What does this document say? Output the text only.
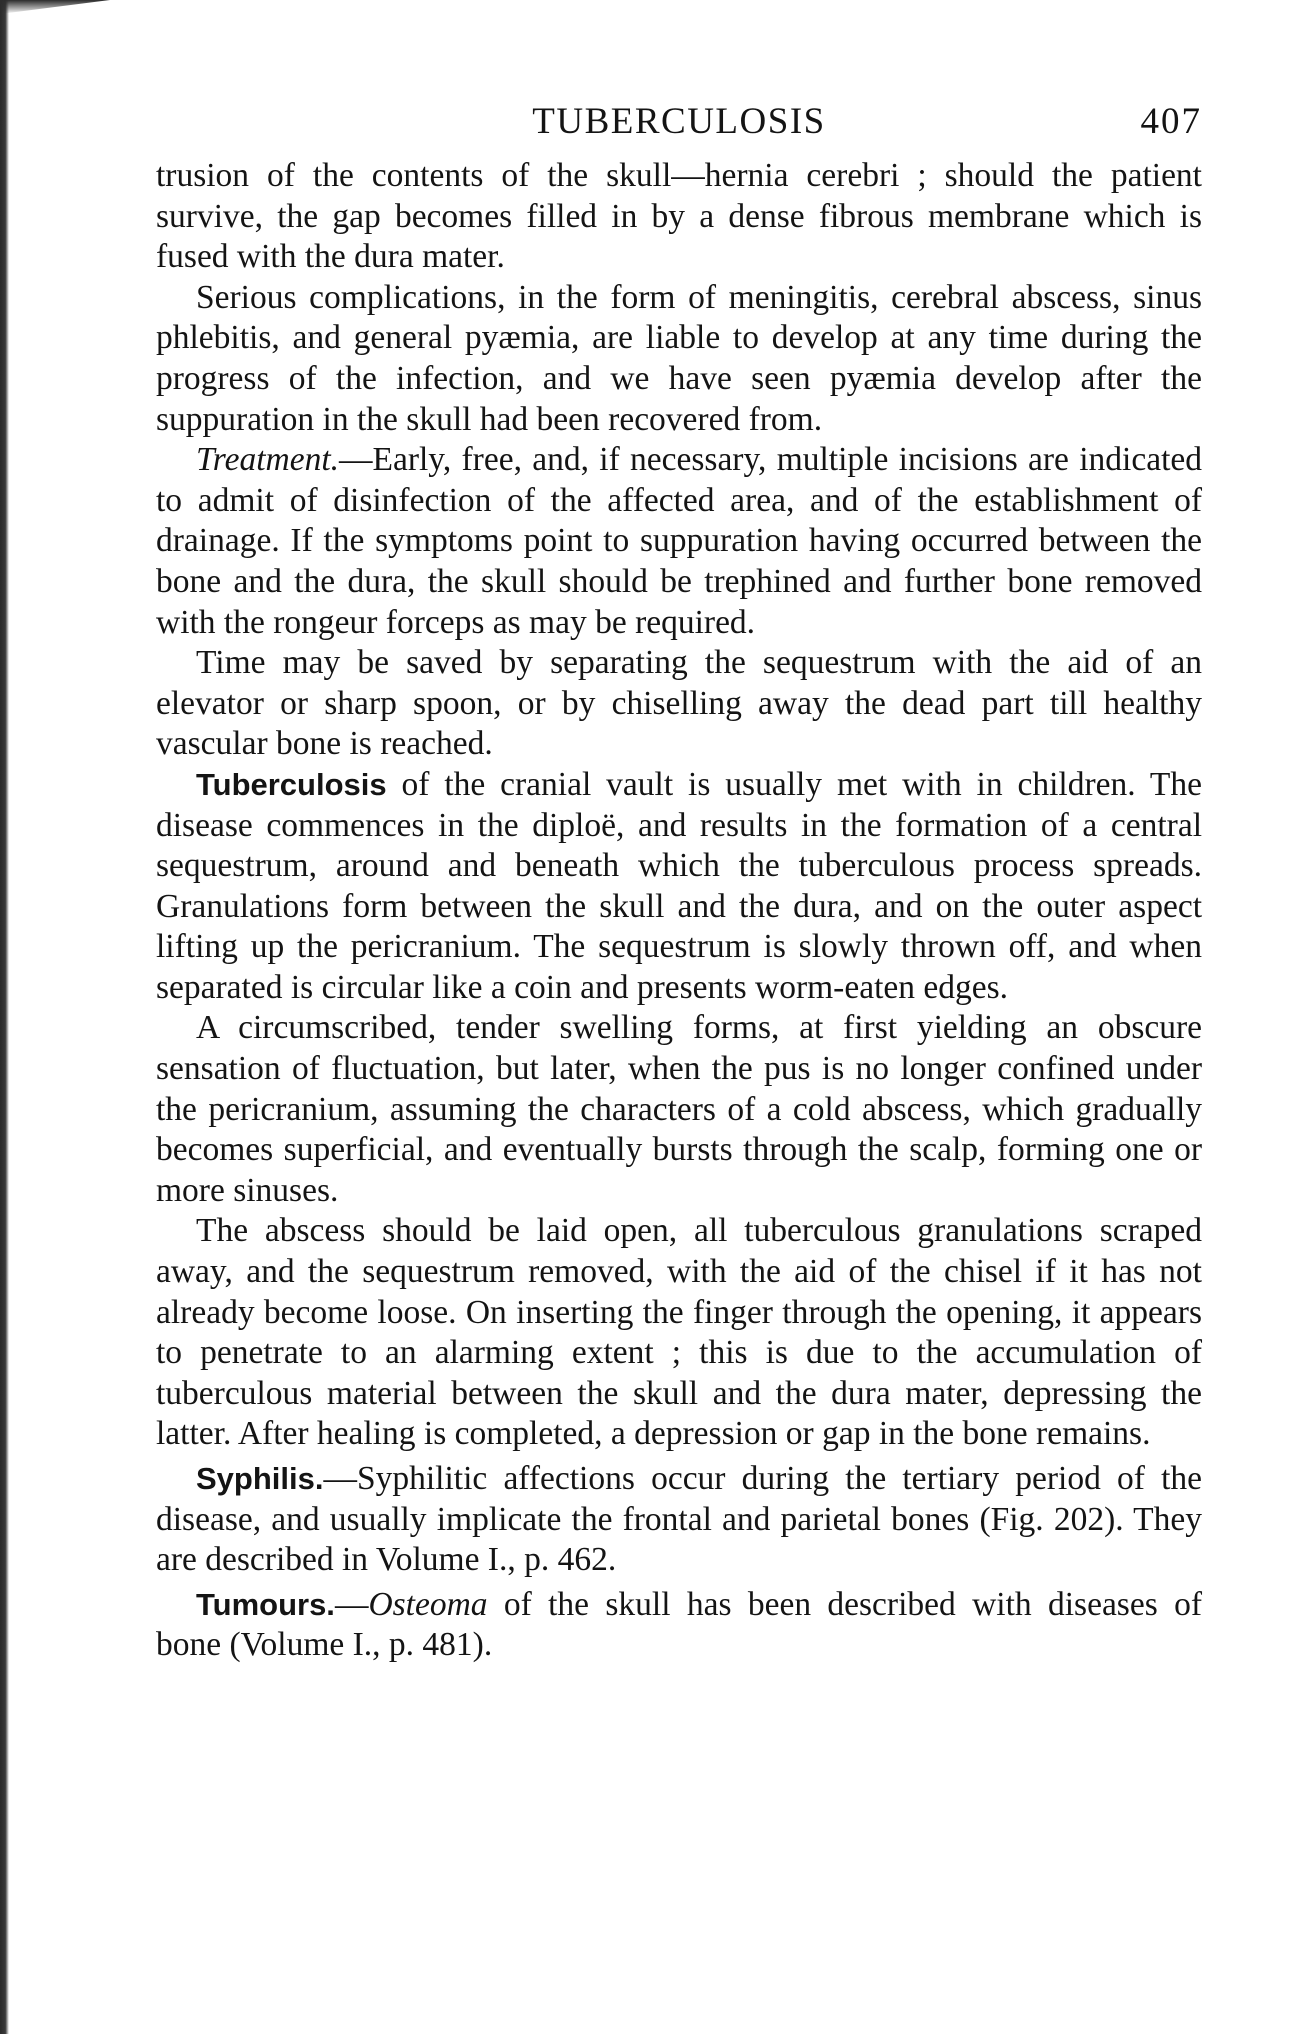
TUBERCULOSIS	407

trusion of the contents of the skull—hernia cerebri ; should the patient survive, the gap becomes filled in by a dense fibrous membrane which is fused with the dura mater.

Serious complications, in the form of meningitis, cerebral abscess, sinus phlebitis, and general pyæmia, are liable to develop at any time during the progress of the infection, and we have seen pyæmia develop after the suppuration in the skull had been recovered from.

Treatment.—Early, free, and, if necessary, multiple incisions are indicated to admit of disinfection of the affected area, and of the establishment of drainage. If the symptoms point to suppuration having occurred between the bone and the dura, the skull should be trephined and further bone removed with the rongeur forceps as may be required.

Time may be saved by separating the sequestrum with the aid of an elevator or sharp spoon, or by chiselling away the dead part till healthy vascular bone is reached.

Tuberculosis of the cranial vault is usually met with in children. The disease commences in the diploë, and results in the formation of a central sequestrum, around and beneath which the tuberculous process spreads. Granulations form between the skull and the dura, and on the outer aspect lifting up the pericranium. The sequestrum is slowly thrown off, and when separated is circular like a coin and presents worm-eaten edges.

A circumscribed, tender swelling forms, at first yielding an obscure sensation of fluctuation, but later, when the pus is no longer confined under the pericranium, assuming the characters of a cold abscess, which gradually becomes superficial, and eventually bursts through the scalp, forming one or more sinuses.

The abscess should be laid open, all tuberculous granulations scraped away, and the sequestrum removed, with the aid of the chisel if it has not already become loose. On inserting the finger through the opening, it appears to penetrate to an alarming extent ; this is due to the accumulation of tuberculous material between the skull and the dura mater, depressing the latter. After healing is completed, a depression or gap in the bone remains.

Syphilis.—Syphilitic affections occur during the tertiary period of the disease, and usually implicate the frontal and parietal bones (Fig. 202). They are described in Volume I., p. 462.

Tumours.—Osteoma of the skull has been described with diseases of bone (Volume I., p. 481).
